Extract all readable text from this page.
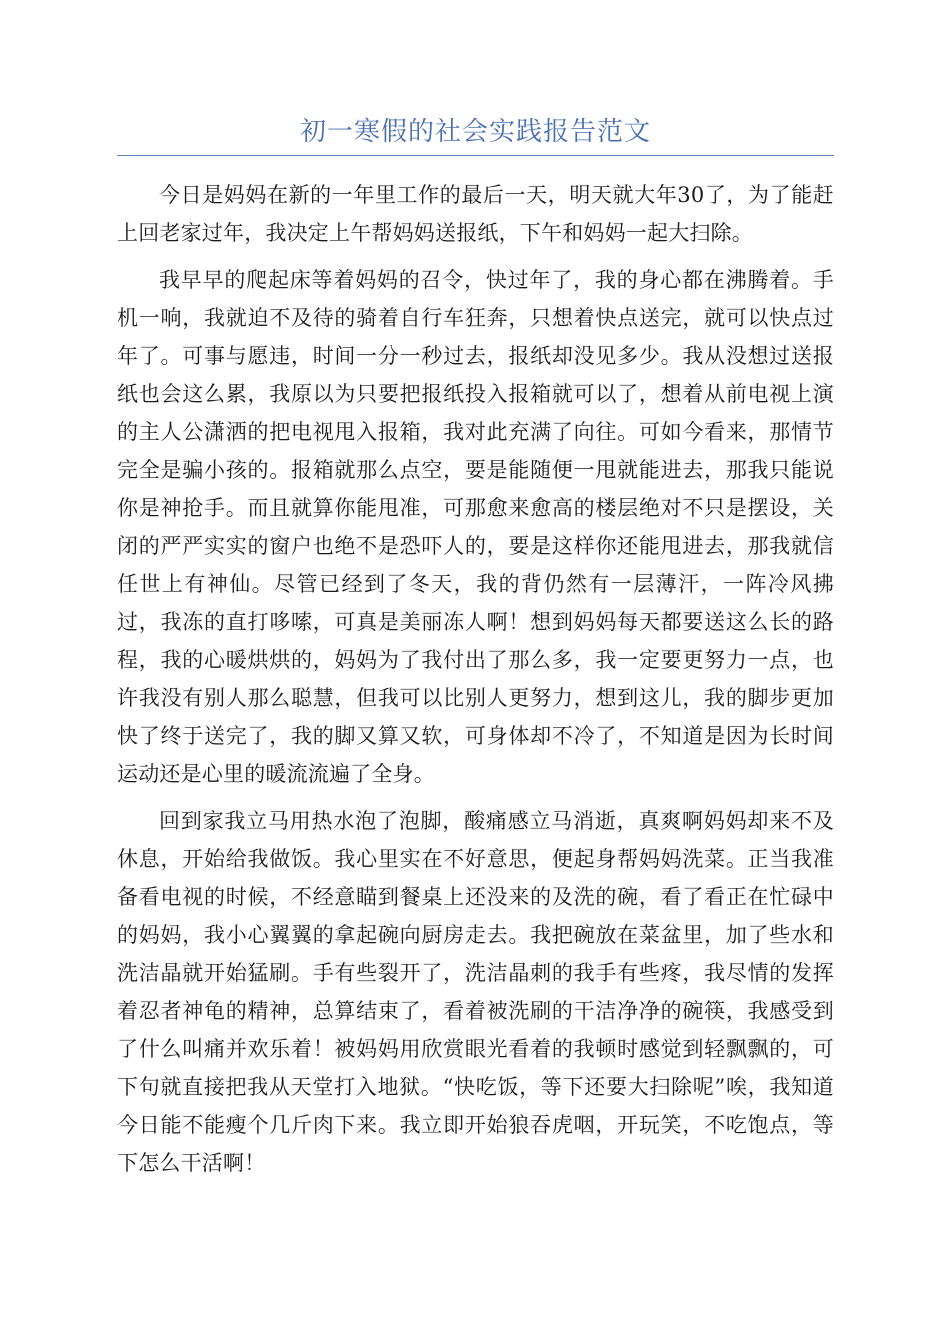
初一寒假的社会实践报告范文

今日是妈妈在新的一年里工作的最后一天，明天就大年30了，为了能赶上回老家过年，我决定上午帮妈妈送报纸，下午和妈妈一起大扫除。

我早早的爬起床等着妈妈的召令，快过年了，我的身心都在沸腾着。手机一响，我就迫不及待的骑着自行车狂奔，只想着快点送完，就可以快点过年了。可事与愿违，时间一分一秒过去，报纸却没见多少。我从没想过送报纸也会这么累，我原以为只要把报纸投入报箱就可以了，想着从前电视上演的主人公潇洒的把电视甩入报箱，我对此充满了向往。可如今看来，那情节完全是骗小孩的。报箱就那么点空，要是能随便一甩就能进去，那我只能说你是神抢手。而且就算你能甩准，可那愈来愈高的楼层绝对不只是摆设，关闭的严严实实的窗户也绝不是恐吓人的，要是这样你还能甩进去，那我就信任世上有神仙。尽管已经到了冬天，我的背仍然有一层薄汗，一阵冷风拂过，我冻的直打哆嗦，可真是美丽冻人啊！想到妈妈每天都要送这么长的路程，我的心暖烘烘的，妈妈为了我付出了那么多，我一定要更努力一点，也许我没有别人那么聪慧，但我可以比别人更努力，想到这儿，我的脚步更加快了终于送完了，我的脚又算又软，可身体却不冷了，不知道是因为长时间运动还是心里的暖流流遍了全身。

回到家我立马用热水泡了泡脚，酸痛感立马消逝，真爽啊妈妈却来不及休息，开始给我做饭。我心里实在不好意思，便起身帮妈妈洗菜。正当我准备看电视的时候，不经意瞄到餐桌上还没来的及洗的碗，看了看正在忙碌中的妈妈，我小心翼翼的拿起碗向厨房走去。我把碗放在菜盆里，加了些水和洗洁晶就开始猛刷。手有些裂开了，洗洁晶刺的我手有些疼，我尽情的发挥着忍者神龟的精神，总算结束了，看着被洗刷的干洁净净的碗筷，我感受到了什么叫痛并欢乐着！被妈妈用欣赏眼光看着的我顿时感觉到轻飘飘的，可下句就直接把我从天堂打入地狱。“快吃饭，等下还要大扫除呢”唉，我知道今日能不能瘦个几斤肉下来。我立即开始狼吞虎咽，开玩笑，不吃饱点，等下怎么干活啊！
